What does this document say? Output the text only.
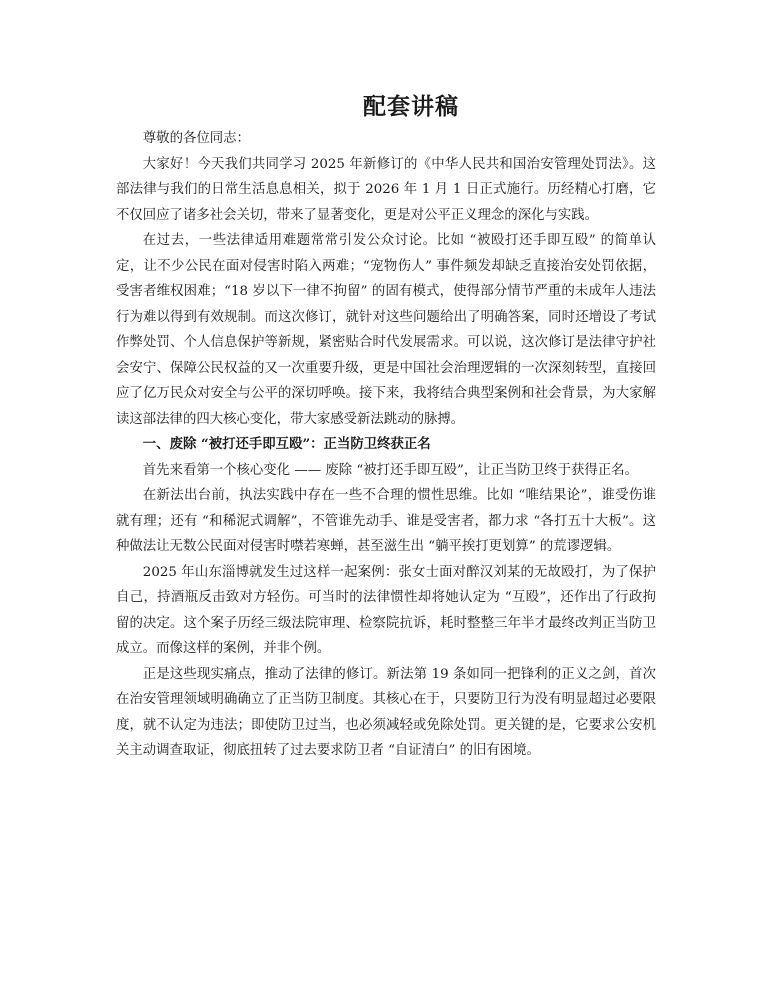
配套讲稿

尊敬的各位同志：

大家好！今天我们共同学习 2025 年新修订的《中华人民共和国治安管理处罚法》。这部法律与我们的日常生活息息相关，拟于 2026 年 1 月 1 日正式施行。历经精心打磨，它不仅回应了诸多社会关切，带来了显著变化，更是对公平正义理念的深化与实践。

在过去，一些法律适用难题常常引发公众讨论。比如 “被殴打还手即互殴” 的简单认定，让不少公民在面对侵害时陷入两难；“宠物伤人” 事件频发却缺乏直接治安处罚依据，受害者维权困难；“18 岁以下一律不拘留” 的固有模式，使得部分情节严重的未成年人违法行为难以得到有效规制。而这次修订，就针对这些问题给出了明确答案，同时还增设了考试作弊处罚、个人信息保护等新规，紧密贴合时代发展需求。可以说，这次修订是法律守护社会安宁、保障公民权益的又一次重要升级，更是中国社会治理逻辑的一次深刻转型，直接回应了亿万民众对安全与公平的深切呼唤。接下来，我将结合典型案例和社会背景，为大家解读这部法律的四大核心变化，带大家感受新法跳动的脉搏。

一、废除 “被打还手即互殴”：正当防卫终获正名

首先来看第一个核心变化 —— 废除 “被打还手即互殴”，让正当防卫终于获得正名。

在新法出台前，执法实践中存在一些不合理的惯性思维。比如 “唯结果论”，谁受伤谁就有理；还有 “和稀泥式调解”，不管谁先动手、谁是受害者，都力求 “各打五十大板”。这种做法让无数公民面对侵害时噤若寒蝉，甚至滋生出 “躺平挨打更划算” 的荒谬逻辑。

2025 年山东淄博就发生过这样一起案例：张女士面对醉汉刘某的无故殴打，为了保护自己，持酒瓶反击致对方轻伤。可当时的法律惯性却将她认定为 “互殴”，还作出了行政拘留的决定。这个案子历经三级法院审理、检察院抗诉，耗时整整三年半才最终改判正当防卫成立。而像这样的案例，并非个例。

正是这些现实痛点，推动了法律的修订。新法第 19 条如同一把锋利的正义之剑，首次在治安管理领域明确确立了正当防卫制度。其核心在于，只要防卫行为没有明显超过必要限度，就不认定为违法；即使防卫过当，也必须减轻或免除处罚。更关键的是，它要求公安机关主动调查取证，彻底扭转了过去要求防卫者 “自证清白” 的旧有困境。
